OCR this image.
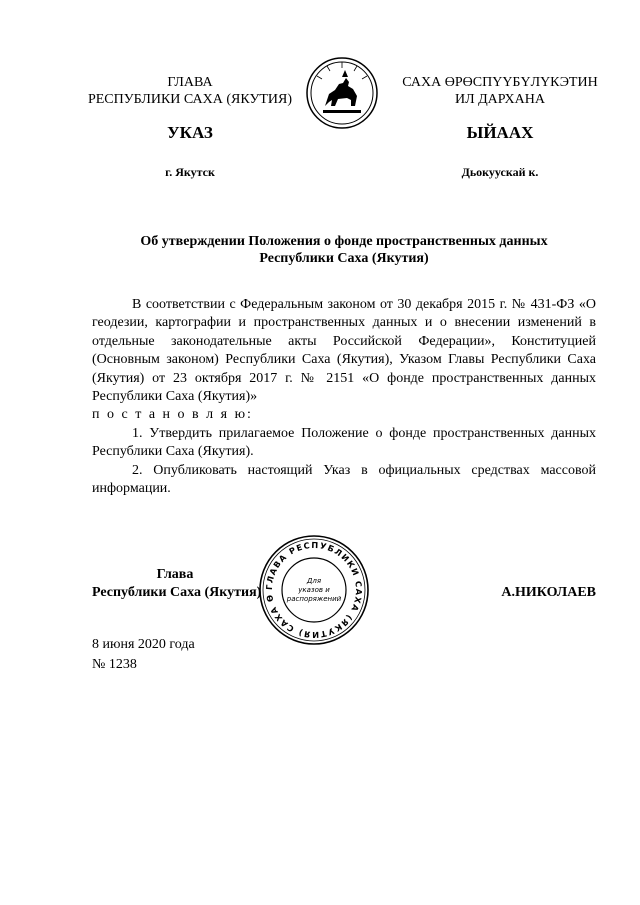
ГЛАВА
РЕСПУБЛИКИ САХА (ЯКУТИЯ)
САХА ӨРӨСПҮҮБҮЛҮКЭТИН
ИЛ ДАРХАНА
УКАЗ	ЫЙААХ
г. Якутск	Дьокуускай к.
Об утверждении Положения о фонде пространственных данных
Республики Саха (Якутия)

В соответствии с Федеральным законом от 30 декабря 2015 г. № 431-ФЗ «О геодезии, картографии и пространственных данных и о внесении изменений в отдельные законодательные акты Российской Федерации», Конституцией (Основным законом) Республики Саха (Якутия), Указом Главы Республики Саха (Якутия) от 23 октября 2017 г. № 2151 «О фонде пространственных данных Республики Саха (Якутия)»

п о с т а н о в л я ю:

1. Утвердить прилагаемое Положение о фонде пространственных данных Республики Саха (Якутия).

2. Опубликовать настоящий Указ в официальных средствах массовой информации.

Глава
Республики Саха (Якутия) ГЛАВА РЕСПУБЛИКИ САХА (ЯКУТИЯ) САХА Ө
Для
указов и
распоряжений	А.НИКОЛАЕВ
8 июня 2020 года
№ 1238
